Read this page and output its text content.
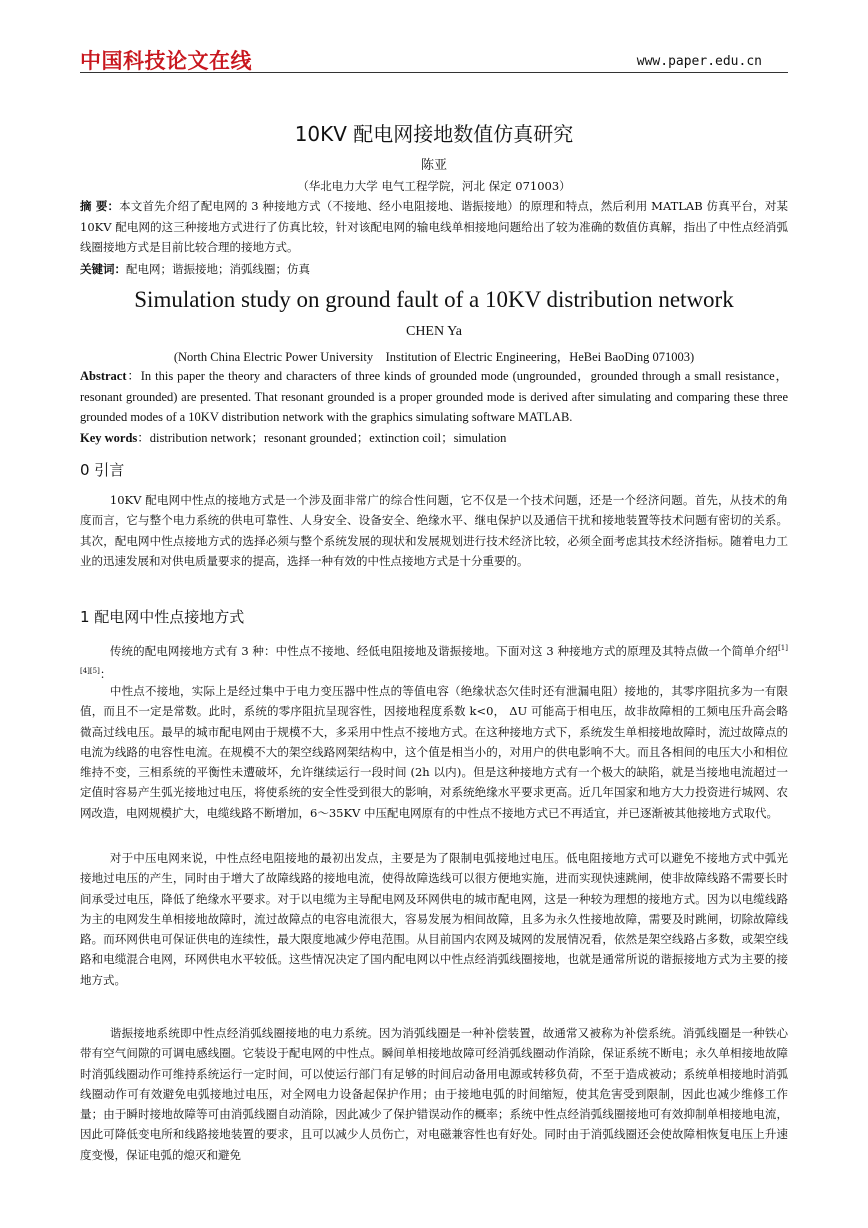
中国科技论文在线	www.paper.edu.cn
10KV 配电网接地数值仿真研究
陈亚
（华北电力大学 电气工程学院，河北 保定 071003）
摘 要：本文首先介绍了配电网的 3 种接地方式（不接地、经小电阻接地、谐振接地）的原理和特点，然后利用 MATLAB 仿真平台，对某 10KV 配电网的这三种接地方式进行了仿真比较，针对该配电网的输电线单相接地问题给出了较为准确的数值仿真解，指出了中性点经消弧线圈接地方式是目前比较合理的接地方式。
关键词：配电网；谐振接地；消弧线圈；仿真
Simulation study on ground fault of a 10KV distribution network
CHEN Ya
(North China Electric Power University　Institution of Electric Engineering，HeBei BaoDing 071003)
Abstract：In this paper the theory and characters of three kinds of grounded mode (ungrounded，grounded through a small resistance，resonant grounded) are presented. That resonant grounded is a proper grounded mode is derived after simulating and comparing these three grounded modes of a 10KV distribution network with the graphics simulating software MATLAB.
Key words：distribution network；resonant grounded；extinction coil；simulation
0 引言
10KV 配电网中性点的接地方式是一个涉及面非常广的综合性问题，它不仅是一个技术问题，还是一个经济问题。首先，从技术的角度而言，它与整个电力系统的供电可靠性、人身安全、设备安全、绝缘水平、继电保护以及通信干扰和接地装置等技术问题有密切的关系。其次，配电网中性点接地方式的选择必须与整个系统发展的现状和发展规划进行技术经济比较，必须全面考虑其技术经济指标。随着电力工业的迅速发展和对供电质量要求的提高，选择一种有效的中性点接地方式是十分重要的。
1 配电网中性点接地方式
传统的配电网接地方式有 3 种：中性点不接地、经低电阻接地及谐振接地。下面对这 3 种接地方式的原理及其特点做一个简单介绍[1][4][5]：
中性点不接地，实际上是经过集中于电力变压器中性点的等值电容（绝缘状态欠佳时还有泄漏电阻）接地的，其零序阻抗多为一有限值，而且不一定是常数。此时，系统的零序阻抗呈现容性，因接地程度系数 k<0， ΔU 可能高于相电压，故非故障相的工频电压升高会略微高过线电压。最早的城市配电网由于规模不大，多采用中性点不接地方式。在这种接地方式下，系统发生单相接地故障时，流过故障点的电流为线路的电容性电流。在规模不大的架空线路网架结构中，这个值是相当小的，对用户的供电影响不大。而且各相间的电压大小和相位维持不变，三相系统的平衡性未遭破坏，允许继续运行一段时间 (2h 以内)。但是这种接地方式有一个极大的缺陷，就是当接地电流超过一定值时容易产生弧光接地过电压，将使系统的安全性受到很大的影响，对系统绝缘水平要求更高。近几年国家和地方大力投资进行城网、农网改造，电网规模扩大，电缆线路不断增加，6～35KV 中压配电网原有的中性点不接地方式已不再适宜，并已逐渐被其他接地方式取代。
对于中压电网来说，中性点经电阻接地的最初出发点，主要是为了限制电弧接地过电压。低电阻接地方式可以避免不接地方式中弧光接地过电压的产生，同时由于增大了故障线路的接地电流，使得故障选线可以很方便地实施，进而实现快速跳闸，使非故障线路不需要长时间承受过电压，降低了绝缘水平要求。对于以电缆为主导配电网及环网供电的城市配电网，这是一种较为理想的接地方式。因为以电缆线路为主的电网发生单相接地故障时，流过故障点的电容电流很大，容易发展为相间故障，且多为永久性接地故障，需要及时跳闸，切除故障线路。而环网供电可保证供电的连续性，最大限度地减少停电范围。从目前国内农网及城网的发展情况看，依然是架空线路占多数，或架空线路和电缆混合电网，环网供电水平较低。这些情况决定了国内配电网以中性点经消弧线圈接地，也就是通常所说的谐振接地方式为主要的接地方式。
谐振接地系统即中性点经消弧线圈接地的电力系统。因为消弧线圈是一种补偿装置，故通常又被称为补偿系统。消弧线圈是一种铁心带有空气间隙的可调电感线圈。它装设于配电网的中性点。瞬间单相接地故障可经消弧线圈动作消除，保证系统不断电；永久单相接地故障时消弧线圈动作可维持系统运行一定时间，可以使运行部门有足够的时间启动备用电源或转移负荷，不至于造成被动；系统单相接地时消弧线圈动作可有效避免电弧接地过电压，对全网电力设备起保护作用；由于接地电弧的时间缩短，使其危害受到限制，因此也减少维修工作量；由于瞬时接地故障等可由消弧线圈自动消除，因此减少了保护错误动作的概率；系统中性点经消弧线圈接地可有效抑制单相接地电流，因此可降低变电所和线路接地装置的要求，且可以减少人员伤亡，对电磁兼容性也有好处。同时由于消弧线圈还会使故障相恢复电压上升速度变慢，保证电弧的熄灭和避免
